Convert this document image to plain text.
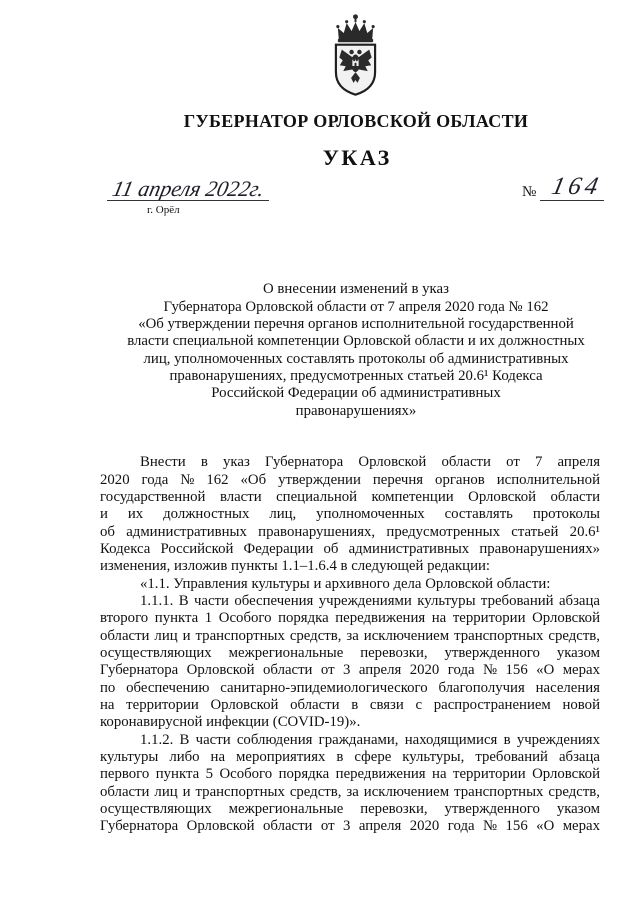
ГУБЕРНАТОР ОРЛОВСКОЙ ОБЛАСТИ
УКАЗ
11 апреля 2022г.
г. Орёл
№ 164
О внесении изменений в указ
Губернатора Орловской области от 7 апреля 2020 года № 162
«Об утверждении перечня органов исполнительной государственной
власти специальной компетенции Орловской области и их должностных
лиц, уполномоченных составлять протоколы об административных
правонарушениях, предусмотренных статьей 20.6¹ Кодекса
Российской Федерации об административных
правонарушениях»
Внести в указ Губернатора Орловской области от 7 апреля
2020 года № 162 «Об утверждении перечня органов исполнительной
государственной власти специальной компетенции Орловской области
и их должностных лиц, уполномоченных составлять протоколы
об административных правонарушениях, предусмотренных статьей 20.6¹
Кодекса Российской Федерации об административных правонарушениях»
изменения, изложив пункты 1.1–1.6.4 в следующей редакции:
«1.1. Управления культуры и архивного дела Орловской области:
1.1.1. В части обеспечения учреждениями культуры требований абзаца
второго пункта 1 Особого порядка передвижения на территории Орловской
области лиц и транспортных средств, за исключением транспортных средств,
осуществляющих межрегиональные перевозки, утвержденного указом
Губернатора Орловской области от 3 апреля 2020 года № 156 «О мерах
по обеспечению санитарно-эпидемиологического благополучия населения
на территории Орловской области в связи с распространением новой
коронавирусной инфекции (COVID-19)».
1.1.2. В части соблюдения гражданами, находящимися в учреждениях
культуры либо на мероприятиях в сфере культуры, требований абзаца
первого пункта 5 Особого порядка передвижения на территории Орловской
области лиц и транспортных средств, за исключением транспортных средств,
осуществляющих межрегиональные перевозки, утвержденного указом
Губернатора Орловской области от 3 апреля 2020 года № 156 «О мерах
